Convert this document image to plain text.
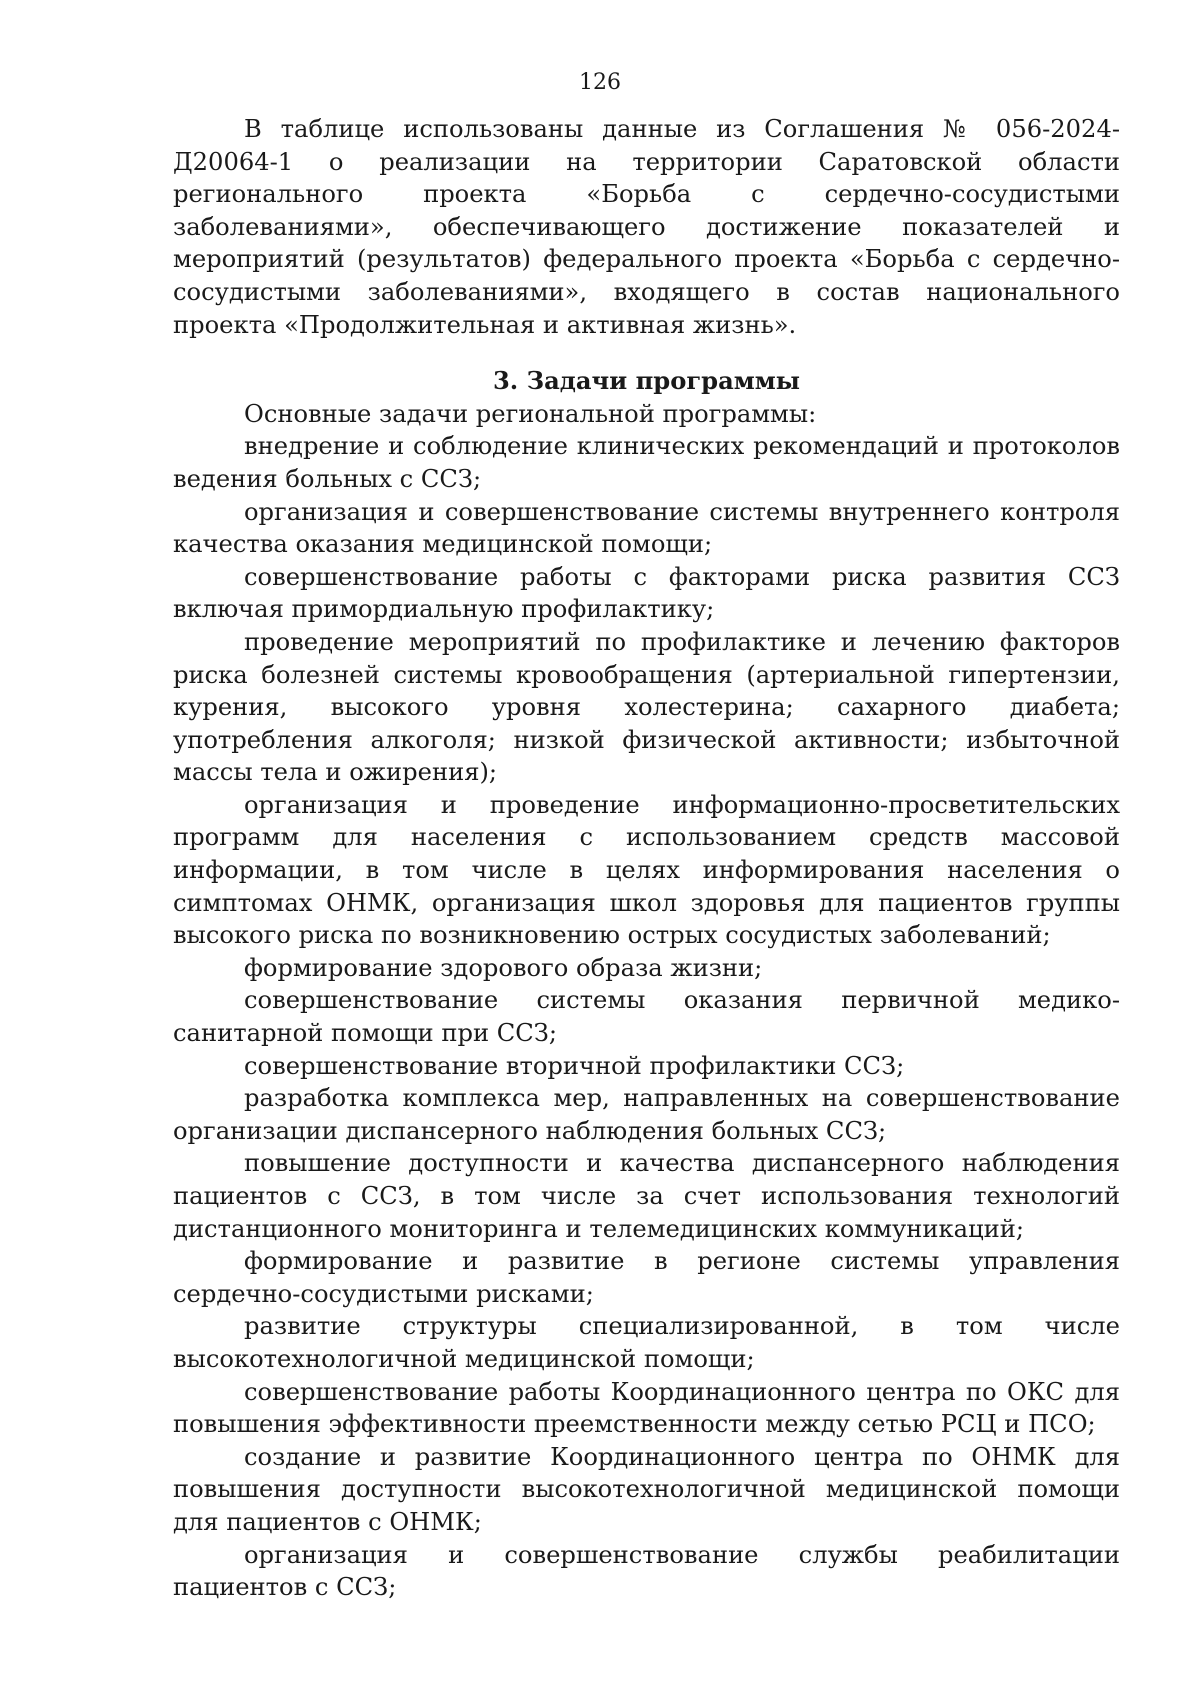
126

В таблице использованы данные из Соглашения № 056-2024-Д20064-1 о реализации на территории Саратовской области регионального проекта «Борьба с сердечно-сосудистыми заболеваниями», обеспечивающего достижение показателей и мероприятий (результатов) федерального проекта «Борьба с сердечно-сосудистыми заболеваниями», входящего в состав национального проекта «Продолжительная и активная жизнь».

3. Задачи программы

Основные задачи региональной программы:

внедрение и соблюдение клинических рекомендаций и протоколов ведения больных с ССЗ;

организация и совершенствование системы внутреннего контроля качества оказания медицинской помощи;

совершенствование работы с факторами риска развития ССЗ включая примордиальную профилактику;

проведение мероприятий по профилактике и лечению факторов риска болезней системы кровообращения (артериальной гипертензии, курения, высокого уровня холестерина; сахарного диабета; употребления алкоголя; низкой физической активности; избыточной массы тела и ожирения);

организация и проведение информационно-просветительских программ для населения с использованием средств массовой информации, в том числе в целях информирования населения о симптомах ОНМК, организация школ здоровья для пациентов группы высокого риска по возникновению острых сосудистых заболеваний;

формирование здорового образа жизни;

совершенствование системы оказания первичной медико-санитарной помощи при ССЗ;

совершенствование вторичной профилактики ССЗ;

разработка комплекса мер, направленных на совершенствование организации диспансерного наблюдения больных ССЗ;

повышение доступности и качества диспансерного наблюдения пациентов с ССЗ, в том числе за счет использования технологий дистанционного мониторинга и телемедицинских коммуникаций;

формирование и развитие в регионе системы управления сердечно-сосудистыми рисками;

развитие структуры специализированной, в том числе высокотехнологичной медицинской помощи;

совершенствование работы Координационного центра по ОКС для повышения эффективности преемственности между сетью РСЦ и ПСО;

создание и развитие Координационного центра по ОНМК для повышения доступности высокотехнологичной медицинской помощи для пациентов с ОНМК;

организация и совершенствование службы реабилитации пациентов с ССЗ;
